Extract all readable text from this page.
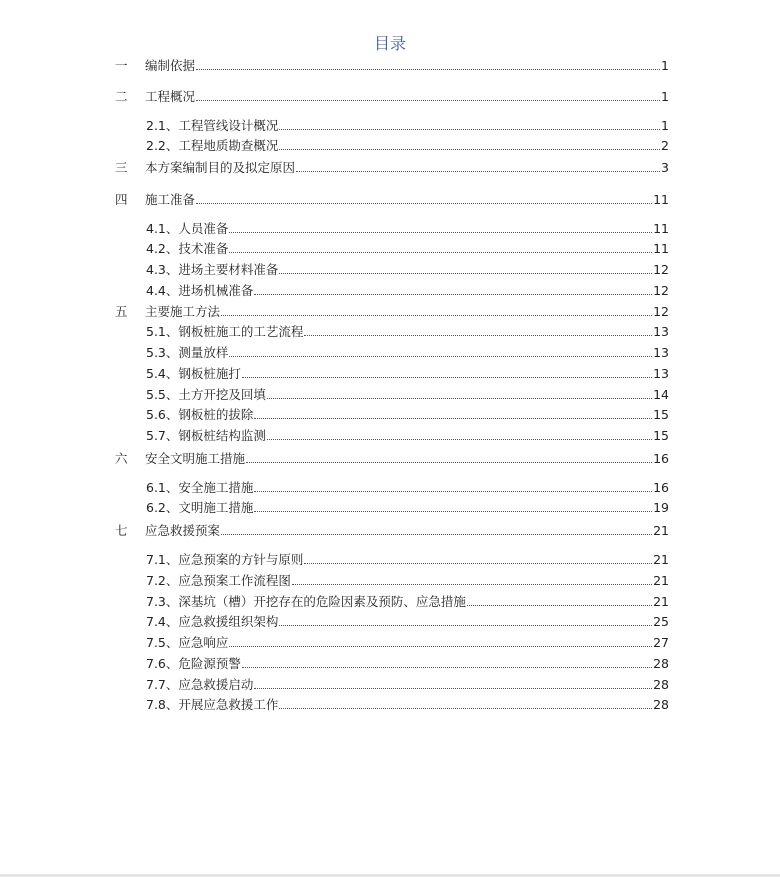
目录
一	编制依据	1
二	工程概况	1
2.1、 工程管线设计概况	1
2.2 、工程地质勘查概况	2
三	本方案编制目的及拟定原因	3
四	施工准备	11
4.1、 人员准备	11
4.2、 技术准备	11
4.3、 进场主要材料准备	12
4.4、 进场机械准备	12
五	主要施工方法	12
5.1、 钢板桩施工的工艺流程	13
5.3、 测量放样	13
5.4、 钢板桩施打	13
5.5、 土方开挖及回填	14
5.6、 钢板桩的拔除	15
5.7、 钢板桩结构监测	15
六	安全文明施工措施	16
6.1、 安全施工措施	16
6.2、 文明施工措施	19
七	应急救援预案	21
7.1、 应急预案的方针与原则	21
7.2、 应急预案工作流程图	21
7.3、 深基坑（槽）开挖存在的危险因素及预防、应急措施	21
7.4、 应急救援组织架构	25
7.5、 应急响应	27
7.6、 危险源预警	28
7.7、 应急救援启动	28
7.8、 开展应急救援工作	28
